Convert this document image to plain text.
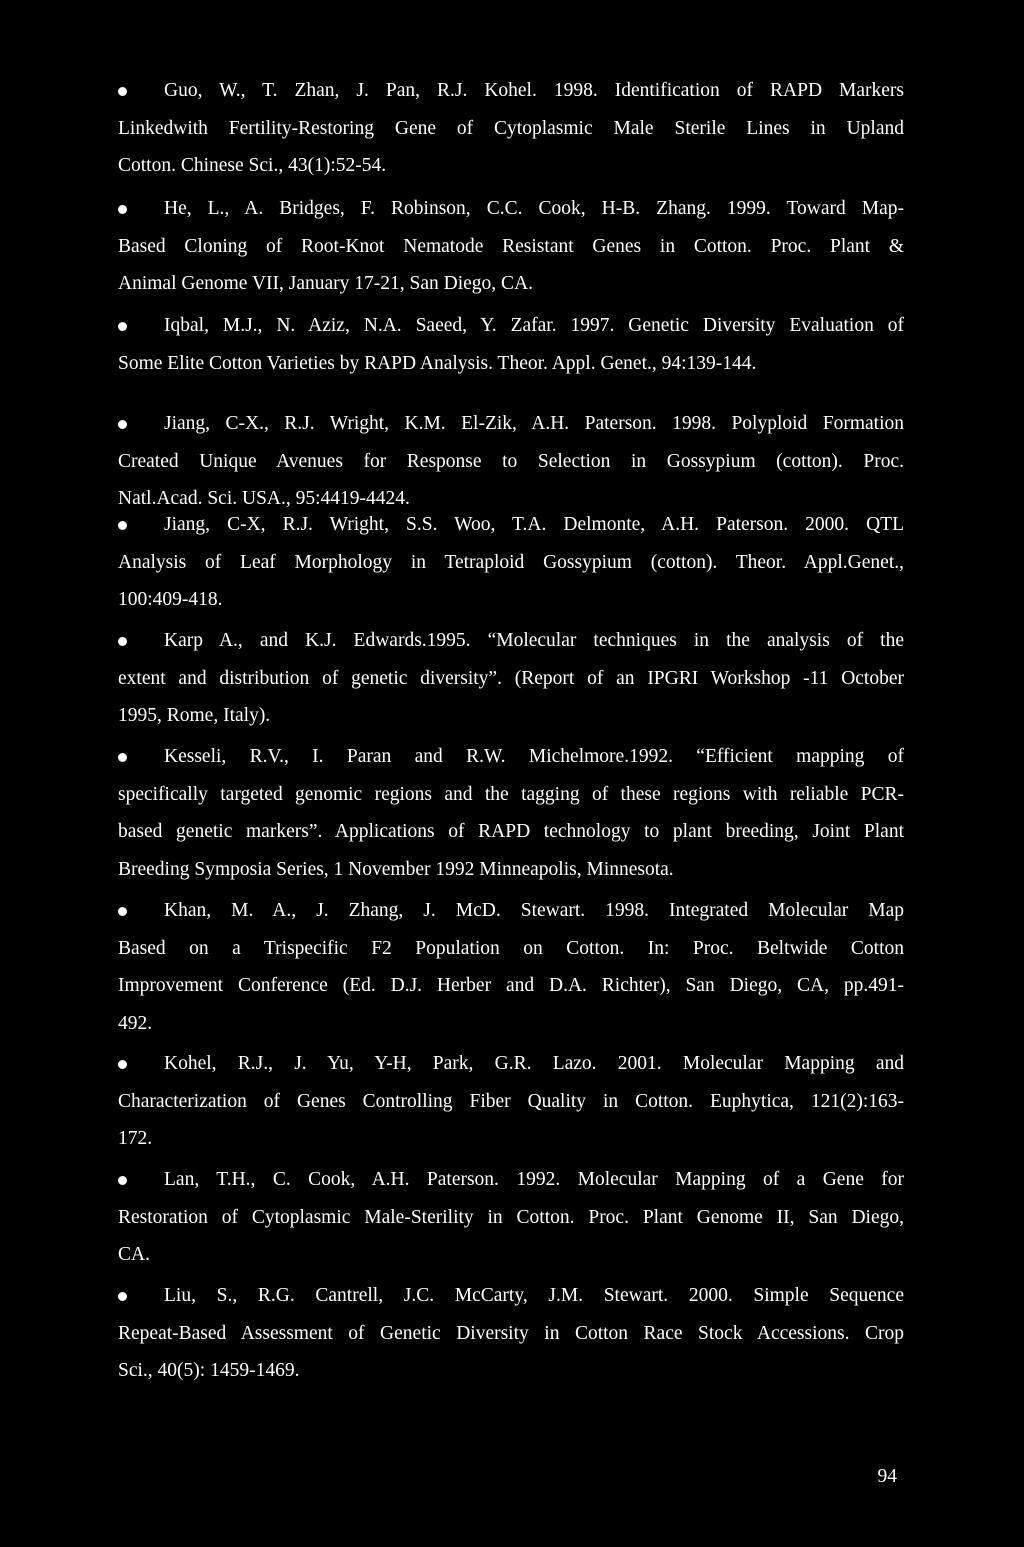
Guo, W., T. Zhan, J. Pan, R.J. Kohel. 1998. Identification of RAPD Markers
Linkedwith Fertility-Restoring Gene of Cytoplasmic Male Sterile Lines in Upland
Cotton. Chinese Sci., 43(1):52-54.
He, L., A. Bridges, F. Robinson, C.C. Cook, H-B. Zhang. 1999. Toward Map-
Based Cloning of Root-Knot Nematode Resistant Genes in Cotton. Proc. Plant &
Animal Genome VII, January 17-21, San Diego, CA.
Iqbal, M.J., N. Aziz, N.A. Saeed, Y. Zafar. 1997. Genetic Diversity Evaluation of
Some Elite Cotton Varieties by RAPD Analysis. Theor. Appl. Genet., 94:139-144.
Jiang, C-X., R.J. Wright, K.M. El-Zik, A.H. Paterson. 1998. Polyploid Formation
Created Unique Avenues for Response to Selection in Gossypium (cotton). Proc.
Natl.Acad. Sci. USA., 95:4419-4424.
Jiang, C-X, R.J. Wright, S.S. Woo, T.A. Delmonte, A.H. Paterson. 2000. QTL
Analysis of Leaf Morphology in Tetraploid Gossypium (cotton). Theor. Appl.Genet.,
100:409-418.
Karp A., and K.J. Edwards.1995. “Molecular techniques in the analysis of the
extent and distribution of genetic diversity”. (Report of an IPGRI Workshop -11 October
1995, Rome, Italy).
Kesseli, R.V., I. Paran and R.W. Michelmore.1992. “Efficient mapping of
specifically targeted genomic regions and the tagging of these regions with reliable PCR-
based genetic markers”. Applications of RAPD technology to plant breeding, Joint Plant
Breeding Symposia Series, 1 November 1992 Minneapolis, Minnesota.
Khan, M. A., J. Zhang, J. McD. Stewart. 1998. Integrated Molecular Map
Based on a Trispecific F2 Population on Cotton. In: Proc. Beltwide Cotton
Improvement Conference (Ed. D.J. Herber and D.A. Richter), San Diego, CA, pp.491-
492.
Kohel, R.J., J. Yu, Y-H, Park, G.R. Lazo. 2001. Molecular Mapping and
Characterization of Genes Controlling Fiber Quality in Cotton. Euphytica, 121(2):163-
172.
Lan, T.H., C. Cook, A.H. Paterson. 1992. Molecular Mapping of a Gene for
Restoration of Cytoplasmic Male-Sterility in Cotton. Proc. Plant Genome II, San Diego,
CA.
Liu, S., R.G. Cantrell, J.C. McCarty, J.M. Stewart. 2000. Simple Sequence
Repeat-Based Assessment of Genetic Diversity in Cotton Race Stock Accessions. Crop
Sci., 40(5): 1459-1469.
94
